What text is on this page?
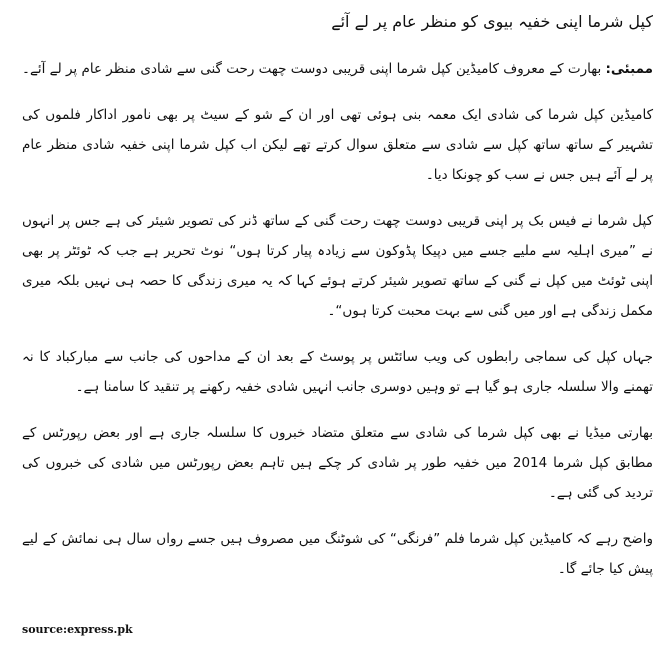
کپل شرما اپنی خفیہ بیوی کو منظر عام پر لے آئے

ممبئی: بھارت کے معروف کامیڈین کپل شرما اپنی قریبی دوست چھت رحت گنی سے شادی منظر عام پر لے آئے۔

کامیڈین کپل شرما کی شادی ایک معمہ بنی ہوئی تھی اور ان کے شو کے سیٹ پر بھی نامور اداکار فلموں کی تشہیر کے ساتھ ساتھ کپل سے شادی سے متعلق سوال کرتے تھے لیکن اب کپل شرما اپنی خفیہ شادی منظر عام پر لے آئے ہیں جس نے سب کو چونکا دیا۔

کپل شرما نے فیس بک پر اپنی قریبی دوست چھت رحت گنی کے ساتھ ڈنر کی تصویر شیئر کی ہے جس پر انہوں نے ”میری اہلیہ سے ملیے جسے میں دپیکا پڈوکون سے زیادہ پیار کرتا ہوں“ نوٹ تحریر ہے جب کہ ٹوئٹر پر بھی اپنی ٹوئٹ میں کپل نے گنی کے ساتھ تصویر شیئر کرتے ہوئے کہا کہ یہ میری زندگی کا حصہ ہی نہیں بلکہ میری مکمل زندگی ہے اور میں گنی سے بہت محبت کرتا ہوں“۔

جہاں کپل کی سماجی رابطوں کی ویب سائٹس پر پوسٹ کے بعد ان کے مداحوں کی جانب سے مبارکباد کا نہ تھمنے والا سلسلہ جاری ہو گیا ہے تو وہیں دوسری جانب انہیں شادی خفیہ رکھنے پر تنقید کا سامنا ہے۔

بھارتی میڈیا نے بھی کپل شرما کی شادی سے متعلق متضاد خبروں کا سلسلہ جاری ہے اور بعض رپورٹس کے مطابق کپل شرما 2014 میں خفیہ طور پر شادی کر چکے ہیں تاہم بعض رپورٹس میں شادی کی خبروں کی تردید کی گئی ہے۔

واضح رہے کہ کامیڈین کپل شرما فلم ”فرنگی“ کی شوٹنگ میں مصروف ہیں جسے رواں سال ہی نمائش کے لیے پیش کیا جائے گا۔

source:express.pk
